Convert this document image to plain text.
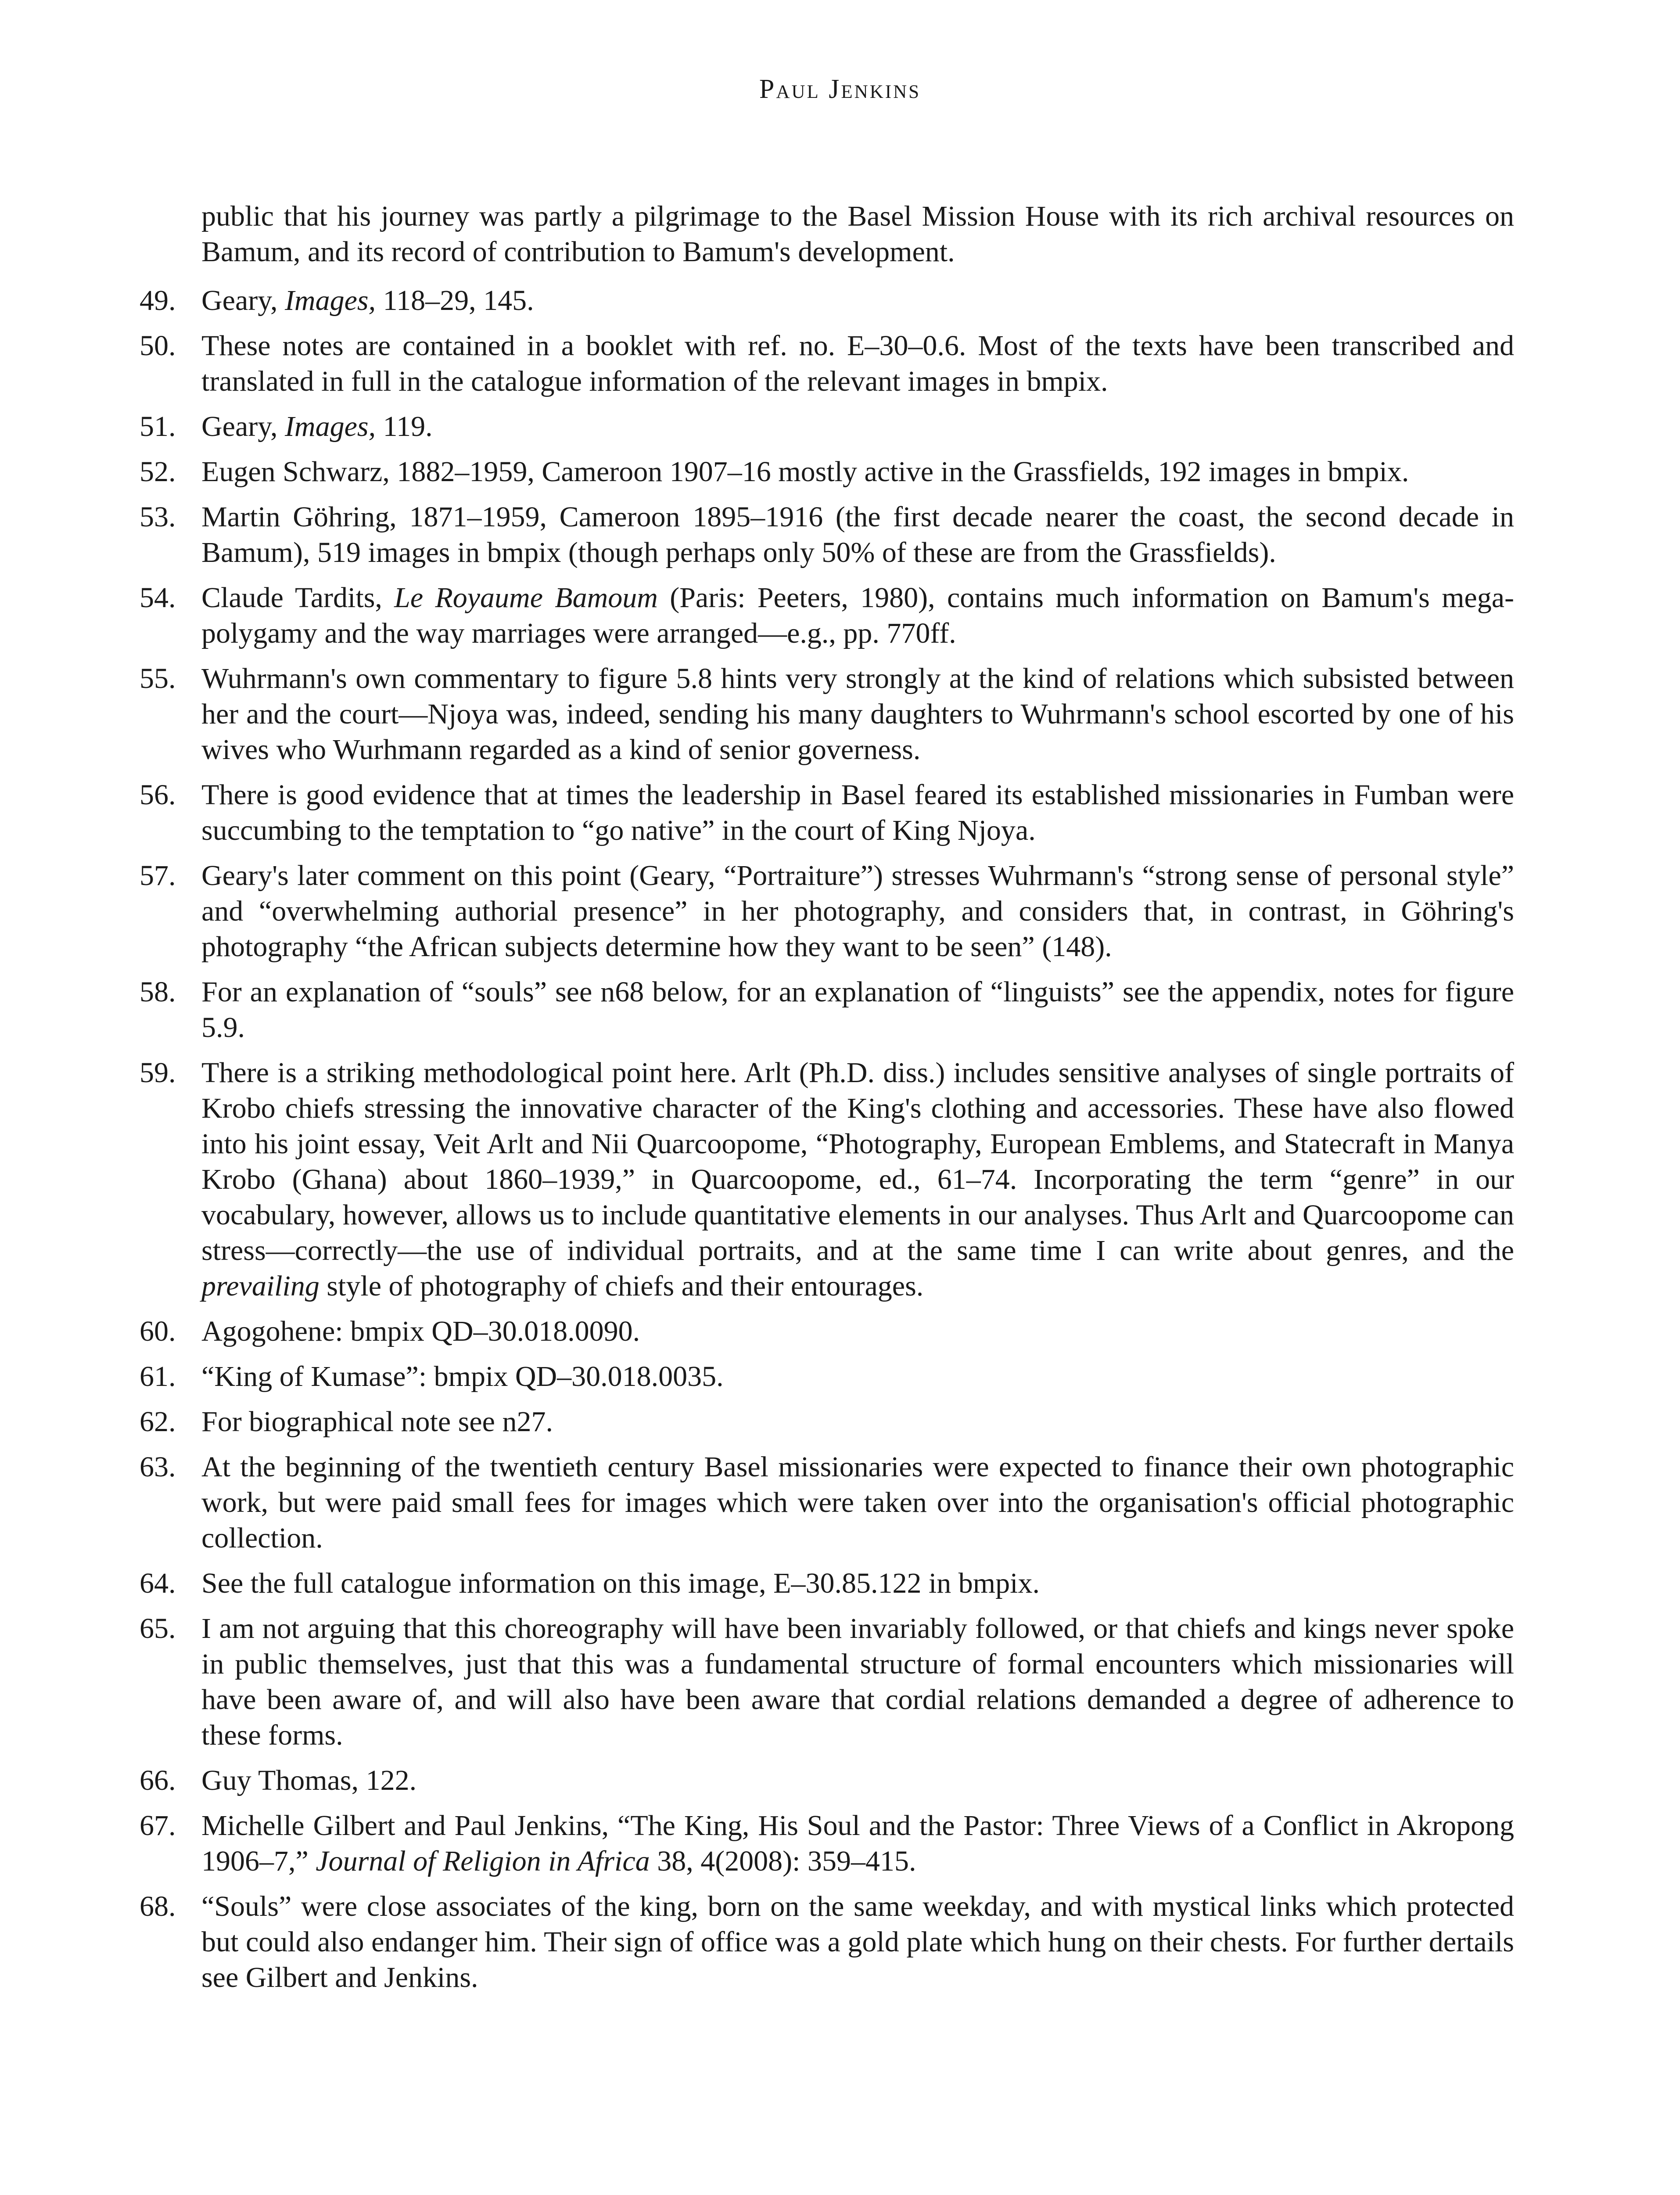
Paul Jenkins
public that his journey was partly a pilgrimage to the Basel Mission House with its rich archival resources on Bamum, and its record of contribution to Bamum's development.
49. Geary, Images, 118–29, 145.
50. These notes are contained in a booklet with ref. no. E–30–0.6. Most of the texts have been transcribed and translated in full in the catalogue information of the relevant images in bmpix.
51. Geary, Images, 119.
52. Eugen Schwarz, 1882–1959, Cameroon 1907–16 mostly active in the Grassfields, 192 images in bmpix.
53. Martin Göhring, 1871–1959, Cameroon 1895–1916 (the first decade nearer the coast, the second decade in Bamum), 519 images in bmpix (though perhaps only 50% of these are from the Grassfields).
54. Claude Tardits, Le Royaume Bamoum (Paris: Peeters, 1980), contains much information on Bamum's mega-polygamy and the way marriages were arranged—e.g., pp. 770ff.
55. Wuhrmann's own commentary to figure 5.8 hints very strongly at the kind of relations which subsisted between her and the court—Njoya was, indeed, sending his many daughters to Wuhrmann's school escorted by one of his wives who Wurhmann regarded as a kind of senior governess.
56. There is good evidence that at times the leadership in Basel feared its established missionaries in Fumban were succumbing to the temptation to “go native” in the court of King Njoya.
57. Geary's later comment on this point (Geary, “Portraiture”) stresses Wuhrmann's “strong sense of personal style” and “overwhelming authorial presence” in her photography, and considers that, in contrast, in Göhring's photography “the African subjects determine how they want to be seen” (148).
58. For an explanation of “souls” see n68 below, for an explanation of “linguists” see the appendix, notes for figure 5.9.
59. There is a striking methodological point here. Arlt (Ph.D. diss.) includes sensitive analyses of single portraits of Krobo chiefs stressing the innovative character of the King's clothing and accessories. These have also flowed into his joint essay, Veit Arlt and Nii Quarcoopome, “Photography, European Emblems, and Statecraft in Manya Krobo (Ghana) about 1860–1939,” in Quarcoopome, ed., 61–74. Incorporating the term “genre” in our vocabulary, however, allows us to include quantitative elements in our analyses. Thus Arlt and Quarcoopome can stress—correctly—the use of individual portraits, and at the same time I can write about genres, and the prevailing style of photography of chiefs and their entourages.
60. Agogohene: bmpix QD–30.018.0090.
61. “King of Kumase”: bmpix QD–30.018.0035.
62. For biographical note see n27.
63. At the beginning of the twentieth century Basel missionaries were expected to finance their own photographic work, but were paid small fees for images which were taken over into the organisation's official photographic collection.
64. See the full catalogue information on this image, E–30.85.122 in bmpix.
65. I am not arguing that this choreography will have been invariably followed, or that chiefs and kings never spoke in public themselves, just that this was a fundamental structure of formal encounters which missionaries will have been aware of, and will also have been aware that cordial relations demanded a degree of adherence to these forms.
66. Guy Thomas, 122.
67. Michelle Gilbert and Paul Jenkins, “The King, His Soul and the Pastor: Three Views of a Conflict in Akropong 1906–7,” Journal of Religion in Africa 38, 4(2008): 359–415.
68. “Souls” were close associates of the king, born on the same weekday, and with mystical links which protected but could also endanger him. Their sign of office was a gold plate which hung on their chests. For further dertails see Gilbert and Jenkins.
